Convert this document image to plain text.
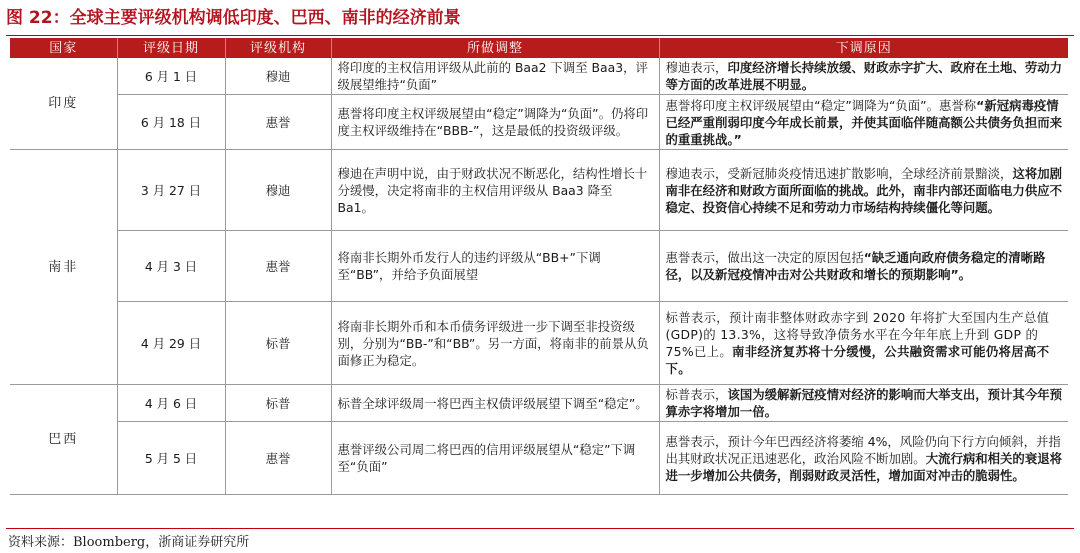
图 22：全球主要评级机构调低印度、巴西、南非的经济前景
国家	评级日期	评级机构	所做调整	下调原因
印度	6 月 1 日	穆迪	将印度的主权信用评级从此前的 Baa2 下调至 Baa3，评级展望维持“负面”	穆迪表示，印度经济增长持续放缓、财政赤字扩大、政府在土地、劳动力等方面的改革进展不明显。
	6 月 18 日	惠誉	惠誉将印度主权评级展望由“稳定”调降为“负面”。仍将印度主权评级维持在“BBB-”，这是最低的投资级评级。	惠誉将印度主权评级展望由“稳定”调降为“负面”。惠誉称“新冠病毒疫情已经严重削弱印度今年成长前景，并使其面临伴随高额公共债务负担而来的重重挑战。”
南非	3 月 27 日	穆迪	穆迪在声明中说，由于财政状况不断恶化，结构性增长十分缓慢，决定将南非的主权信用评级从 Baa3 降至 Ba1。	穆迪表示，受新冠肺炎疫情迅速扩散影响，全球经济前景黯淡，这将加剧南非在经济和财政方面所面临的挑战。此外，南非内部还面临电力供应不稳定、投资信心持续不足和劳动力市场结构持续僵化等问题。
	4 月 3 日	惠誉	将南非长期外币发行人的违约评级从“BB+”下调至“BB”，并给予负面展望	惠誉表示，做出这一决定的原因包括“缺乏通向政府债务稳定的清晰路径，以及新冠疫情冲击对公共财政和增长的预期影响”。
	4 月 29 日	标普	将南非长期外币和本币债务评级进一步下调至非投资级别，分别为“BB-”和“BB”。另一方面，将南非的前景从负面修正为稳定。	标普表示，预计南非整体财政赤字到 2020 年将扩大至国内生产总值(GDP)的 13.3%，这将导致净债务水平在今年年底上升到 GDP 的 75%已上。南非经济复苏将十分缓慢，公共融资需求可能仍将居高不下。
巴西	4 月 6 日	标普	标普全球评级周一将巴西主权债评级展望下调至“稳定”。	标普表示，该国为缓解新冠疫情对经济的影响而大举支出，预计其今年预算赤字将增加一倍。
	5 月 5 日	惠誉	惠誉评级公司周二将巴西的信用评级展望从“稳定”下调至“负面”	惠誉表示，预计今年巴西经济将萎缩 4%，风险仍向下行方向倾斜，并指出其财政状况正迅速恶化，政治风险不断加剧。大流行病和相关的衰退将进一步增加公共债务，削弱财政灵活性，增加面对冲击的脆弱性。
资料来源：Bloomberg，浙商证券研究所
